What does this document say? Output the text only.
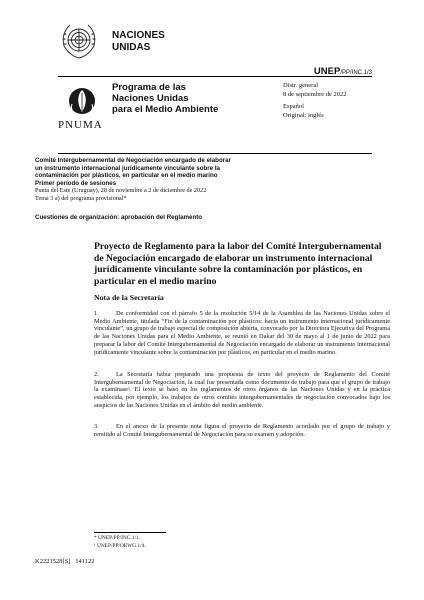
NACIONES
UNIDAS
UNEP/PP/INC.1/3
PNUMA
Programa de las
Naciones Unidas
para el Medio Ambiente
Distr. general
8 de septiembre de 2022
Español
Original: inglés
Comité Intergubernamental de Negociación encargado de elaborar
un instrumento internacional jurídicamente vinculante sobre la
contaminación por plásticos, en particular en el medio marino
Primer período de sesiones
Punta del Este (Uruguay), 28 de noviembre a 2 de diciembre de 2022
Tema 3 a) del programa provisional*
Cuestiones de organización: aprobación del Reglamento
Proyecto de Reglamento para la labor del Comité Intergubernamental de Negociación encargado de elaborar un instrumento internacional jurídicamente vinculante sobre la contaminación por plásticos, en particular en el medio marino
Nota de la Secretaría
1.	De conformidad con el párrafo 5 de la resolución 5/14 de la Asamblea de las Naciones Unidas sobre el Medio Ambiente, titulada “Fin de la contaminación por plásticos: hacia un instrumento internacional jurídicamente vinculante”, un grupo de trabajo especial de composición abierta, convocado por la Directora Ejecutiva del Programa de las Naciones Unidas para el Medio Ambiente, se reunió en Dakar del 30 de mayo al 1 de junio de 2022 para preparar la labor del Comité Intergubernamental de Negociación encargado de elaborar un instrumento internacional jurídicamente vinculante sobre la contaminación por plásticos, en particular en el medio marino.
2.	La Secretaría había preparado una propuesta de texto del proyecto de Reglamento del Comité Intergubernamental de Negociación, la cual fue presentada como documento de trabajo para que el grupo de trabajo la examinase¹. El texto se basó en los reglamentos de otros órganos de las Naciones Unidas y en la práctica establecida, por ejemplo, los trabajos de otros comités intergubernamentales de negociación convocados bajo los auspicios de las Naciones Unidas en el ámbito del medio ambiente.
3.	En el anexo de la presente nota figura el proyecto de Reglamento acordado por el grupo de trabajo y remitido al Comité Intergubernamental de Negociación para su examen y adopción.
* UNEP/PP/INC.1/1.
¹ UNEP/PP/OEWG.1/4.
K2221528[S]   141122
